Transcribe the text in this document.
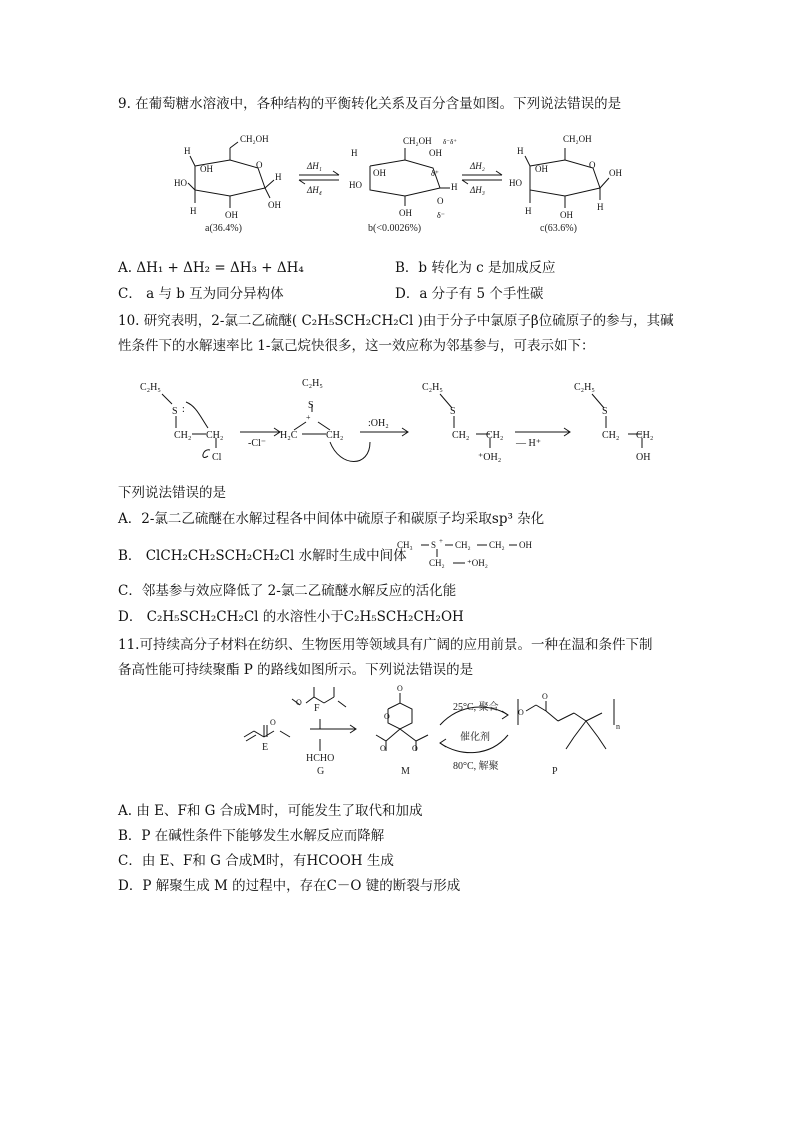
9. 在葡萄糖水溶液中，各种结构的平衡转化关系及百分含量如图。下列说法错误的是
CH₂OH
O
H
HO
OH
H	OH
OH
H
a(36.4%)
ΔH₁
ΔH₄
CH₂OH
OH
δ⁻δ⁺
H
HO
OH
OH
δ⁺
H
O
δ⁻
b(<0.0026%)
ΔH₂
ΔH₃
CH₂OH
O
H
HO
OH
H	OH
H
OH
c(63.6%)
A. ΔH₁ + ΔH₂ = ΔH₃ + ΔH₄	B．b 转化为 c 是加成反应
C． a 与 b 互为同分异构体	D．a 分子有 5 个手性碳
10. 研究表明，2-氯二乙硫醚( C₂H₅SCH₂CH₂Cl )由于分子中氯原子β位硫原子的参与，其碱
性条件下的水解速率比 1-氯己烷快很多，这一效应称为邻基参与，可表示如下：
C₂H₅
S :
CH₂ CH₂
Cl
-Cl⁻
C₂H₅
S
+
H₂C	CH₂
:OH₂
C₂H₅
S
CH₂ CH₂
⁺OH₂
— H⁺
C₂H₅
S
CH₂ CH₂
OH
下列说法错误的是
A．2-氯二乙硫醚在水解过程各中间体中硫原子和碳原子均采取sp³ 杂化
B． ClCH₂CH₂SCH₂CH₂Cl 水解时生成中间体
CH₃ S + CH₂ CH₂ OH
CH₂ ⁺OH₂
C．邻基参与效应降低了 2-氯二乙硫醚水解反应的活化能
D． C₂H₅SCH₂CH₂Cl 的水溶性小于C₂H₅SCH₂CH₂OH
11.可持续高分子材料在纺织、生物医用等领域具有广阔的应用前景。一种在温和条件下制
备高性能可持续聚酯 P 的路线如图所示。下列说法错误的是
O
O
O
O
O	O
O
O
n
E
F
HCHO
G	M
25°C, 聚合
催化剂
80°C, 解聚	P
A. 由 E、F和 G 合成M时，可能发生了取代和加成
B．P 在碱性条件下能够发生水解反应而降解
C．由 E、F和 G 合成M时，有HCOOH 生成
D．P 解聚生成 M 的过程中，存在C－O 键的断裂与形成
